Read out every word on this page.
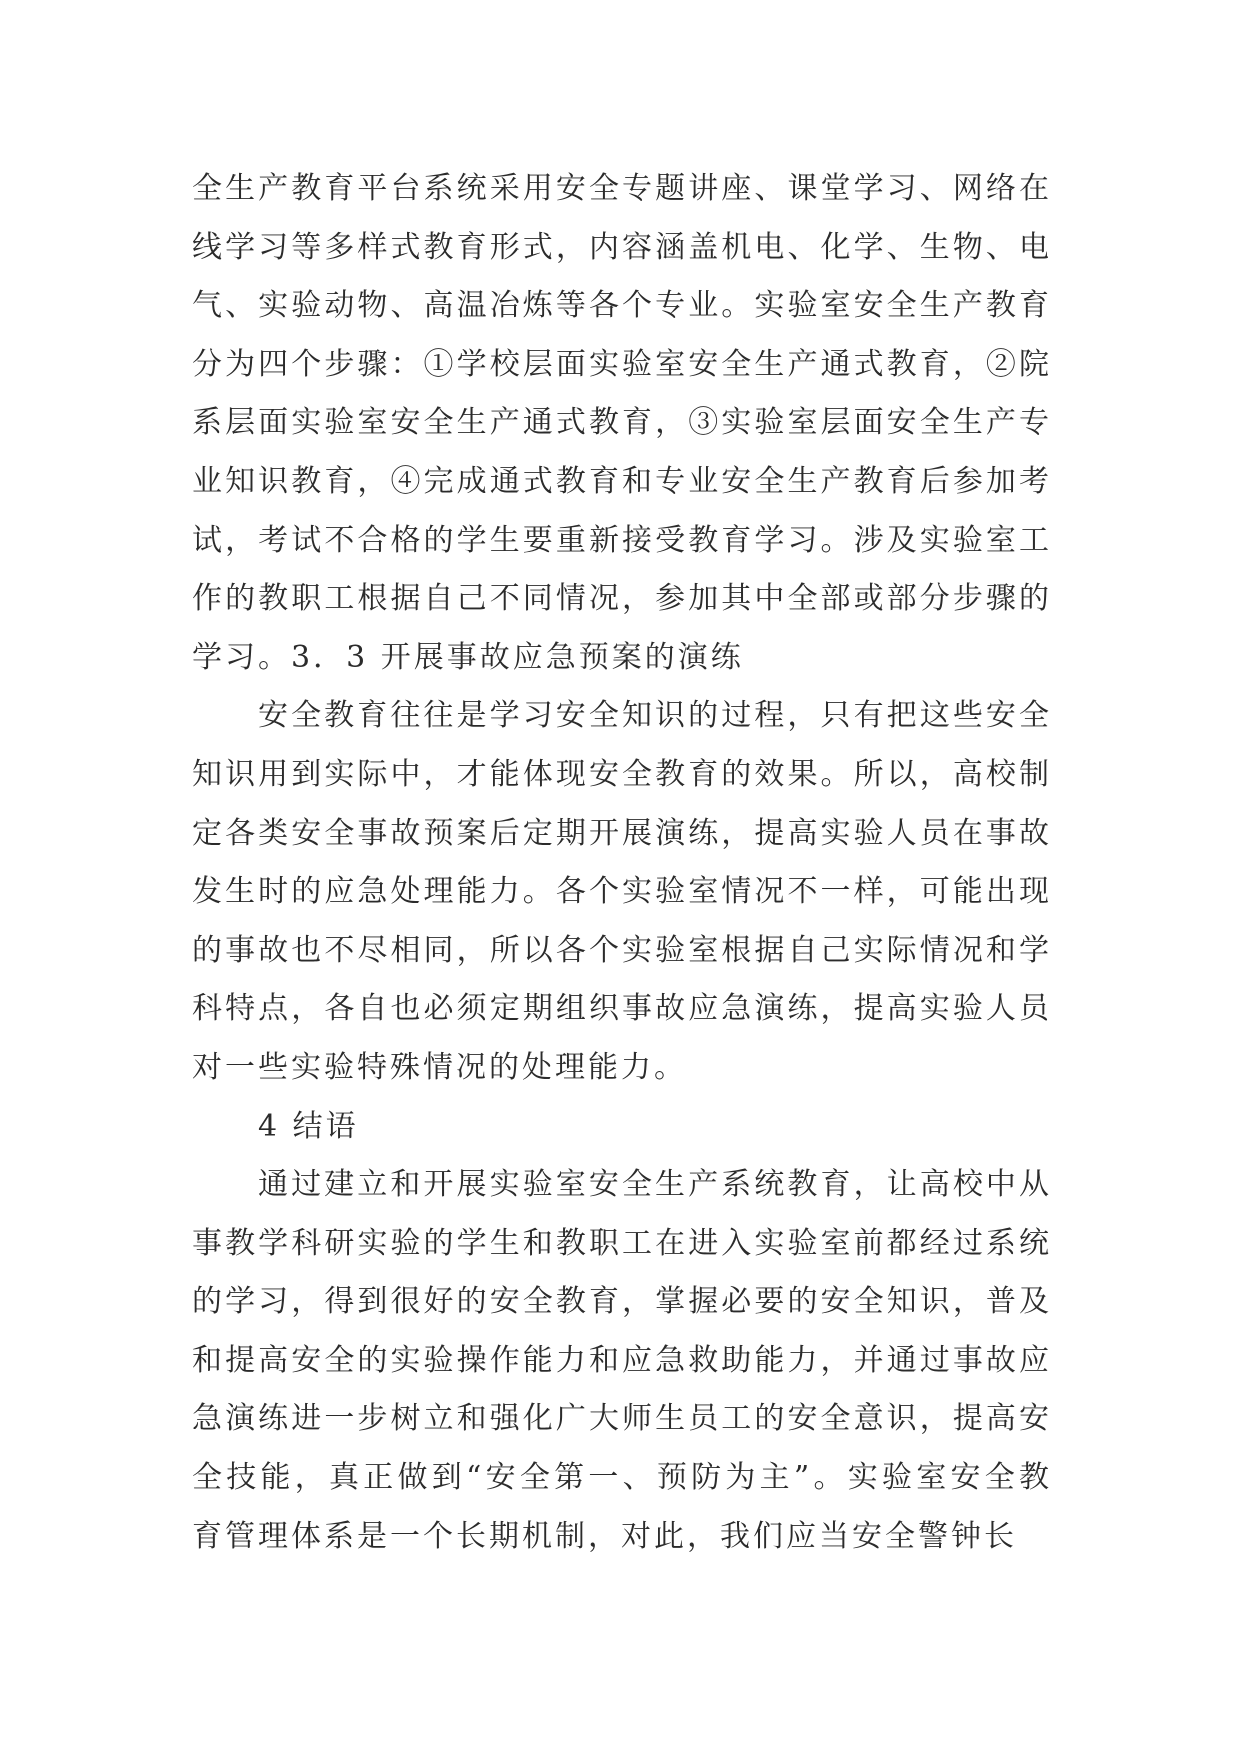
全生产教育平台系统采用安全专题讲座、课堂学习、网络在线学习等多样式教育形式，内容涵盖机电、化学、生物、电气、实验动物、高温冶炼等各个专业。实验室安全生产教育分为四个步骤：①学校层面实验室安全生产通式教育，②院系层面实验室安全生产通式教育，③实验室层面安全生产专业知识教育，④完成通式教育和专业安全生产教育后参加考试，考试不合格的学生要重新接受教育学习。涉及实验室工作的教职工根据自己不同情况，参加其中全部或部分步骤的学习。3．3 开展事故应急预案的演练

安全教育往往是学习安全知识的过程，只有把这些安全知识用到实际中，才能体现安全教育的效果。所以，高校制定各类安全事故预案后定期开展演练，提高实验人员在事故发生时的应急处理能力。各个实验室情况不一样，可能出现的事故也不尽相同，所以各个实验室根据自己实际情况和学科特点，各自也必须定期组织事故应急演练，提高实验人员对一些实验特殊情况的处理能力。

4 结语

通过建立和开展实验室安全生产系统教育，让高校中从事教学科研实验的学生和教职工在进入实验室前都经过系统的学习，得到很好的安全教育，掌握必要的安全知识，普及和提高安全的实验操作能力和应急救助能力，并通过事故应急演练进一步树立和强化广大师生员工的安全意识，提高安全技能，真正做到“安全第一、预防为主”。实验室安全教育管理体系是一个长期机制，对此，我们应当安全警钟长
